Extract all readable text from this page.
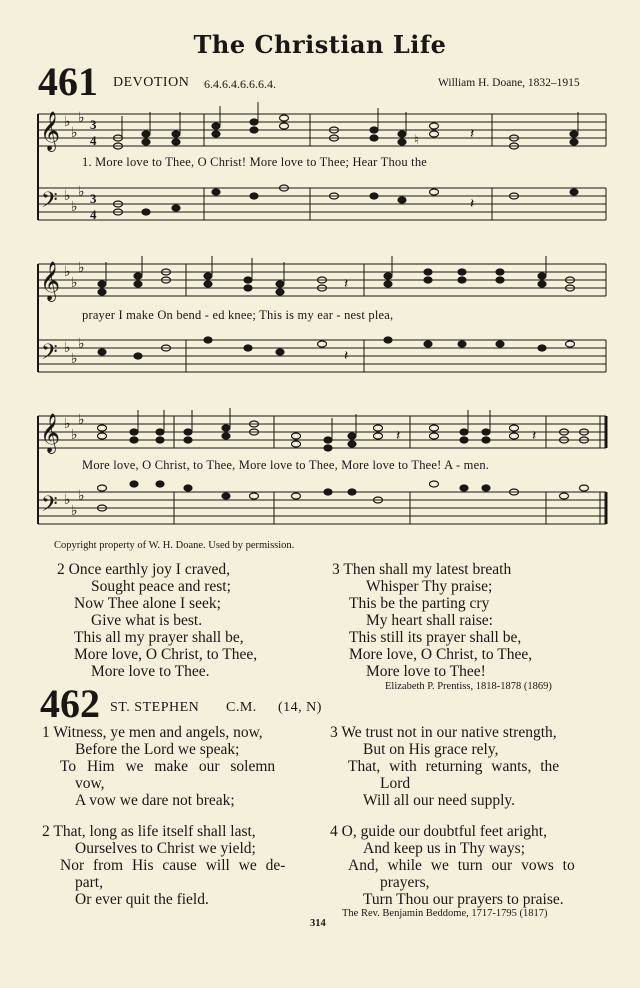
The Christian Life
461 DEVOTION 6.4.6.4.6.6.6.4.	William H. Doane, 1832–1915
𝄞
𝄢
♭
♭
♭
♭
♭
♭
3
4
3
4
𝄽
𝄽
♮
1. More love to Thee, O Christ! More love to Thee; Hear Thou the
𝄞
𝄢
♭
♭
♭
♭
♭
♭
𝄽
𝄽
prayer I make On bend - ed knee; This is my ear - nest plea,
𝄞
𝄢
♭
♭
♭
♭
♭
♭
𝄽	𝄽
More love, O Christ, to Thee, More love to Thee, More love to Thee! A - men.
Copyright property of W. H. Doane. Used by permission.
2 Once earthly joy I craved,
Sought peace and rest;
Now Thee alone I seek;
Give what is best.
This all my prayer shall be,
More love, O Christ, to Thee,
More love to Thee.
3 Then shall my latest breath
Whisper Thy praise;
This be the parting cry
My heart shall raise:
This still its prayer shall be,
More love, O Christ, to Thee,
More love to Thee!
Elizabeth P. Prentiss, 1818-1878 (1869)
462 ST. STEPHEN C.M. (14, N)
1 Witness, ye men and angels, now,
Before the Lord we speak;
To Him we make our solemn
vow,
A vow we dare not break;
2 That, long as life itself shall last,
Ourselves to Christ we yield;
Nor from His cause will we de-
part,
Or ever quit the field.
3 We trust not in our native strength,
But on His grace rely,
That, with returning wants, the
Lord
Will all our need supply.
4 O, guide our doubtful feet aright,
And keep us in Thy ways;
And, while we turn our vows to
prayers,
Turn Thou our prayers to praise.
The Rev. Benjamin Beddome, 1717-1795 (1817)
314
